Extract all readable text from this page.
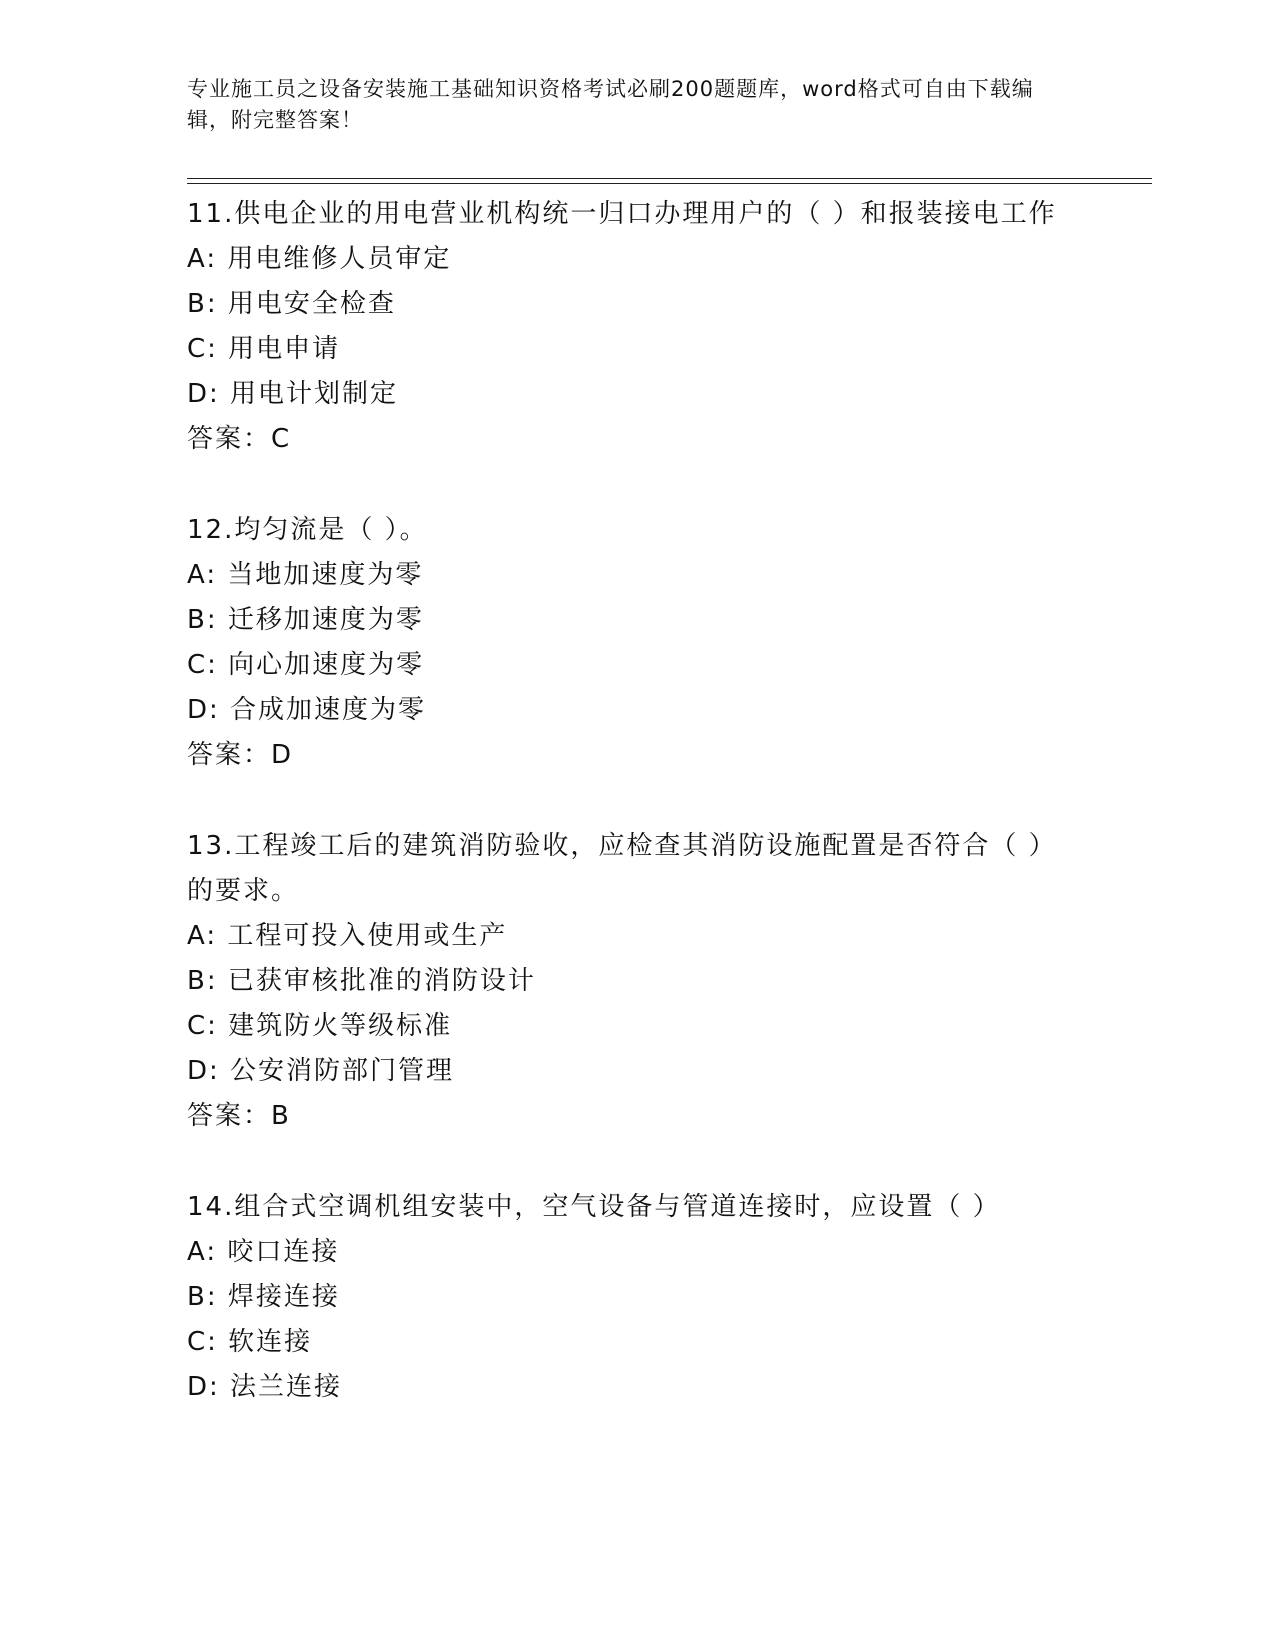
专业施工员之设备安装施工基础知识资格考试必刷200题题库，word格式可自由下载编辑，附完整答案！

11.供电企业的用电营业机构统一归口办理用户的（ ）和报装接电工作

A: 用电维修人员审定

B: 用电安全检查

C: 用电申请

D: 用电计划制定

答案：C

12.均匀流是（ ）。

A: 当地加速度为零

B: 迁移加速度为零

C: 向心加速度为零

D: 合成加速度为零

答案：D

13.工程竣工后的建筑消防验收，应检查其消防设施配置是否符合（ ）的要求。

A: 工程可投入使用或生产

B: 已获审核批准的消防设计

C: 建筑防火等级标准

D: 公安消防部门管理

答案：B

14.组合式空调机组安装中，空气设备与管道连接时，应设置（ ）

A: 咬口连接

B: 焊接连接

C: 软连接

D: 法兰连接
